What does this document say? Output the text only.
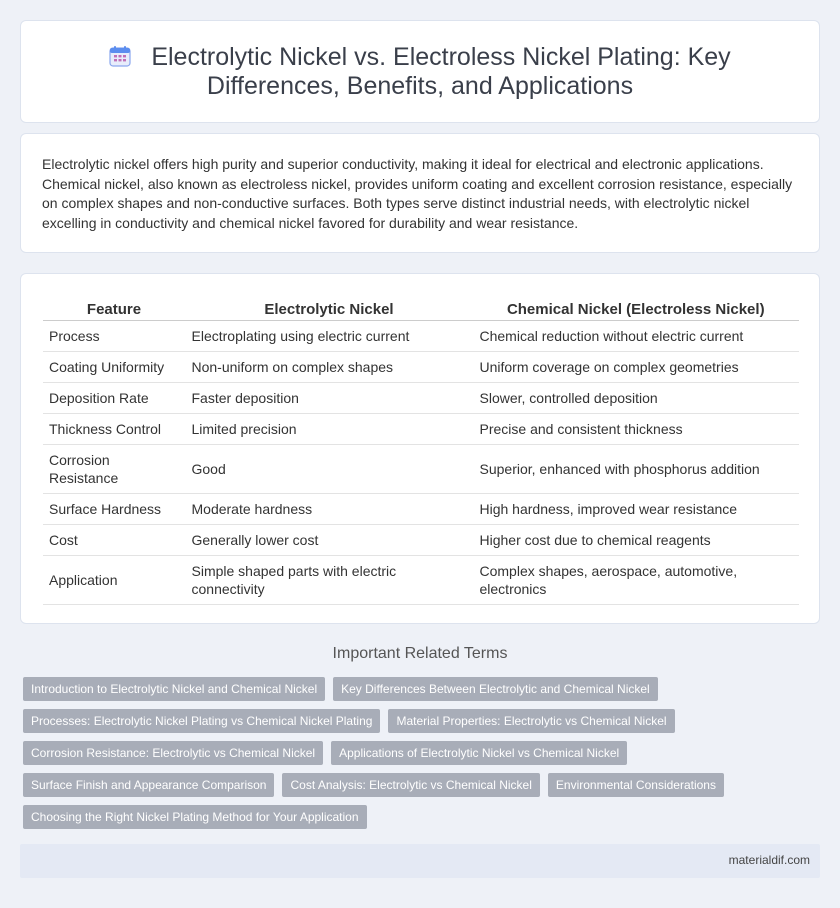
Electrolytic Nickel vs. Electroless Nickel Plating: Key Differences, Benefits, and Applications

Electrolytic nickel offers high purity and superior conductivity, making it ideal for electrical and electronic applications. Chemical nickel, also known as electroless nickel, provides uniform coating and excellent corrosion resistance, especially on complex shapes and non-conductive surfaces. Both types serve distinct industrial needs, with electrolytic nickel excelling in conductivity and chemical nickel favored for durability and wear resistance.

Feature	Electrolytic Nickel	Chemical Nickel (Electroless Nickel)
Process	Electroplating using electric current	Chemical reduction without electric current
Coating Uniformity	Non-uniform on complex shapes	Uniform coverage on complex geometries
Deposition Rate	Faster deposition	Slower, controlled deposition
Thickness Control	Limited precision	Precise and consistent thickness
Corrosion Resistance	Good	Superior, enhanced with phosphorus addition
Surface Hardness	Moderate hardness	High hardness, improved wear resistance
Cost	Generally lower cost	Higher cost due to chemical reagents
Application	Simple shaped parts with electric connectivity	Complex shapes, aerospace, automotive, electronics
Important Related Terms
Introduction to Electrolytic Nickel and Chemical Nickel	Key Differences Between Electrolytic and Chemical Nickel
Processes: Electrolytic Nickel Plating vs Chemical Nickel Plating	Material Properties: Electrolytic vs Chemical Nickel
Corrosion Resistance: Electrolytic vs Chemical Nickel	Applications of Electrolytic Nickel vs Chemical Nickel
Surface Finish and Appearance Comparison	Cost Analysis: Electrolytic vs Chemical Nickel	Environmental Considerations
Choosing the Right Nickel Plating Method for Your Application
materialdif.com
